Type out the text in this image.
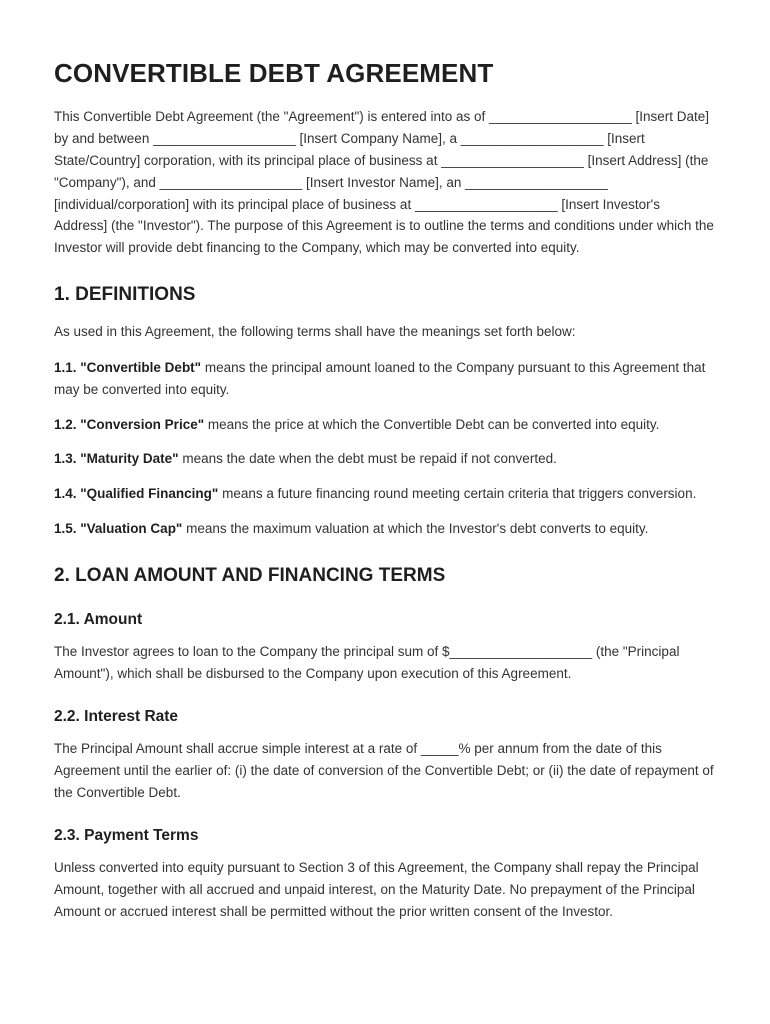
CONVERTIBLE DEBT AGREEMENT

This Convertible Debt Agreement (the "Agreement") is entered into as of ___________________ [Insert Date] by and between ___________________ [Insert Company Name], a ___________________ [Insert State/Country] corporation, with its principal place of business at ___________________ [Insert Address] (the "Company"), and ___________________ [Insert Investor Name], an ___________________ [individual/corporation] with its principal place of business at ___________________ [Insert Investor's Address] (the "Investor"). The purpose of this Agreement is to outline the terms and conditions under which the Investor will provide debt financing to the Company, which may be converted into equity.

1. DEFINITIONS

As used in this Agreement, the following terms shall have the meanings set forth below:

1.1. "Convertible Debt" means the principal amount loaned to the Company pursuant to this Agreement that may be converted into equity.

1.2. "Conversion Price" means the price at which the Convertible Debt can be converted into equity.

1.3. "Maturity Date" means the date when the debt must be repaid if not converted.

1.4. "Qualified Financing" means a future financing round meeting certain criteria that triggers conversion.

1.5. "Valuation Cap" means the maximum valuation at which the Investor's debt converts to equity.

2. LOAN AMOUNT AND FINANCING TERMS
2.1. Amount

The Investor agrees to loan to the Company the principal sum of $___________________ (the "Principal Amount"), which shall be disbursed to the Company upon execution of this Agreement.

2.2. Interest Rate

The Principal Amount shall accrue simple interest at a rate of _____% per annum from the date of this Agreement until the earlier of: (i) the date of conversion of the Convertible Debt; or (ii) the date of repayment of the Convertible Debt.

2.3. Payment Terms

Unless converted into equity pursuant to Section 3 of this Agreement, the Company shall repay the Principal Amount, together with all accrued and unpaid interest, on the Maturity Date. No prepayment of the Principal Amount or accrued interest shall be permitted without the prior written consent of the Investor.
